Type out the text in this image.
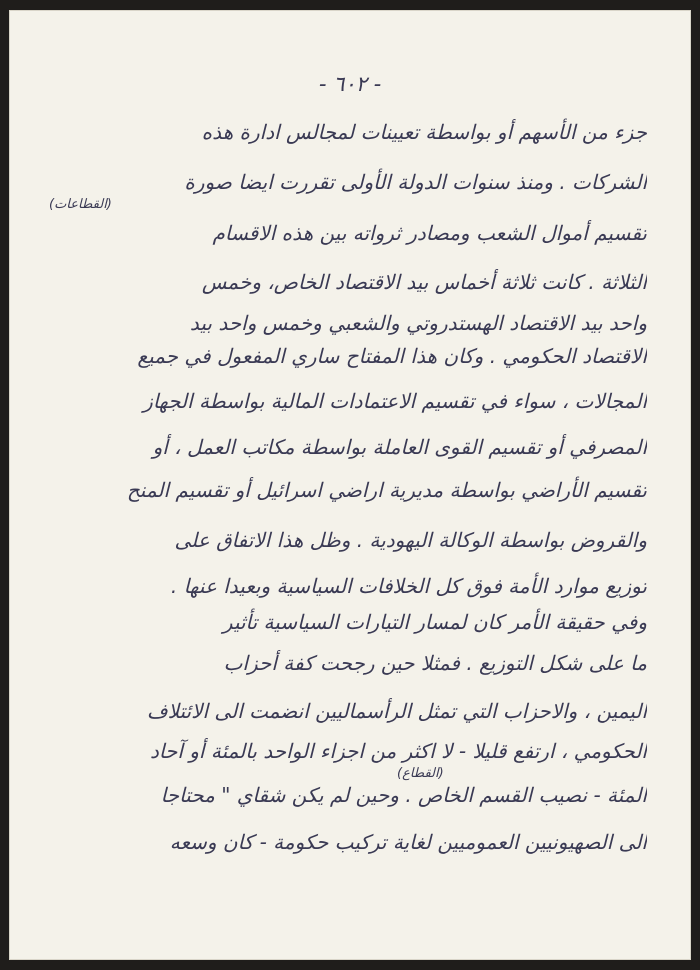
- ٦٠٢ -
(القطاعات)
(القطاع)
جزء من الأسهم أو بواسطة تعيينات لمجالس ادارة هذه
الشركات . ومنذ سنوات الدولة الأولى تقررت ايضا صورة
تقسيم أموال الشعب ومصادر ثرواته بين هذه الاقسام
الثلاثة . كانت ثلاثة أخماس بيد الاقتصاد الخاص، وخمس
واحد بيد الاقتصاد الهستدروتي والشعبي وخمس واحد بيد
الاقتصاد الحكومي . وكان هذا المفتاح ساري المفعول في جميع
المجالات ، سواء في تقسيم الاعتمادات المالية بواسطة الجهاز
المصرفي أو تقسيم القوى العاملة بواسطة مكاتب العمل ، أو
تقسيم الأراضي بواسطة مديرية اراضي اسرائيل أو تقسيم المنح
والقروض بواسطة الوكالة اليهودية . وظل هذا الاتفاق على
توزيع موارد الأمة فوق كل الخلافات السياسية وبعيدا عنها .
وفي حقيقة الأمر كان لمسار التيارات السياسية تأثير
ما على شكل التوزيع . فمثلا حين رجحت كفة أحزاب
اليمين ، والاحزاب التي تمثل الرأسماليين انضمت الى الائتلاف
الحكومي ، ارتفع قليلا - لا اكثر من اجزاء الواحد بالمئة أو آحاد
المئة - نصيب القسم الخاص . وحين لم يكن شقاي " محتاجا
الى الصهيونيين العموميين لغاية تركيب حكومة - كان وسعه
